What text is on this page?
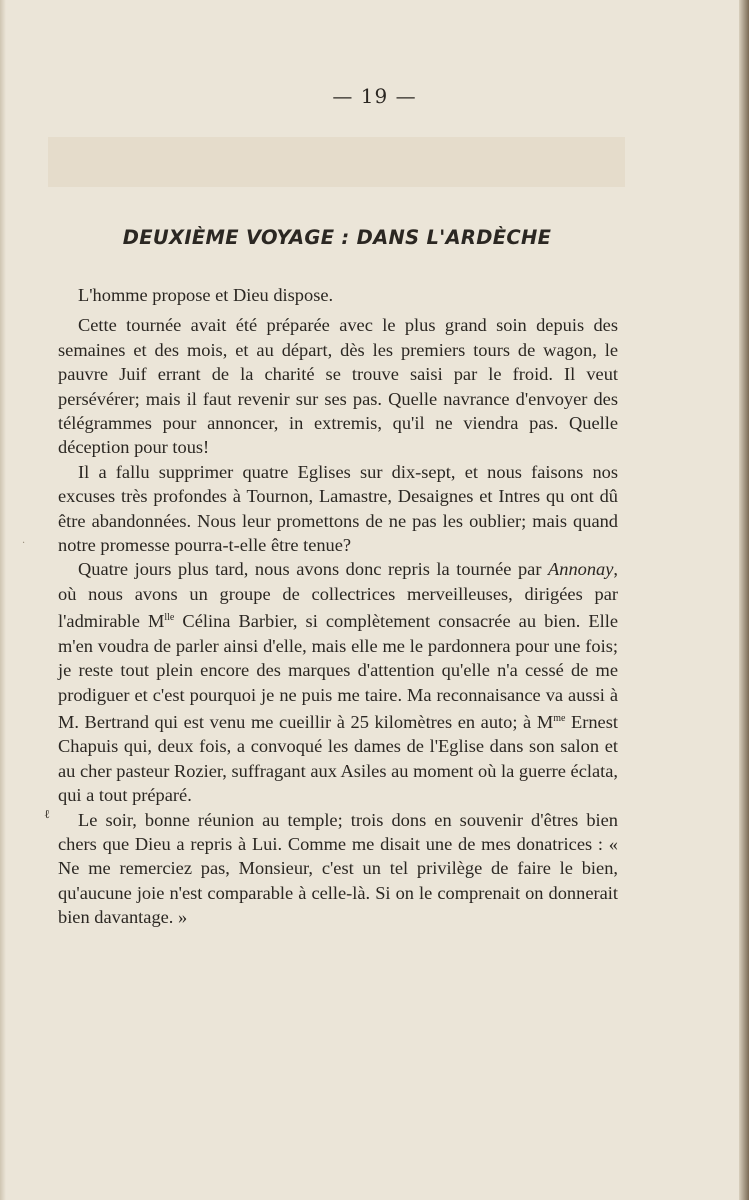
— 19 —
DEUXIÈME VOYAGE : DANS L'ARDÈCHE
·
ℓ

L'homme propose et Dieu dispose.

Cette tournée avait été préparée avec le plus grand soin depuis des semaines et des mois, et au départ, dès les premiers tours de wagon, le pauvre Juif errant de la charité se trouve saisi par le froid. Il veut persévérer; mais il faut revenir sur ses pas. Quelle navrance d'envoyer des télégrammes pour annoncer, in extremis, qu'il ne viendra pas. Quelle déception pour tous!

Il a fallu supprimer quatre Eglises sur dix-sept, et nous faisons nos excuses très profondes à Tournon, Lamastre, Desaignes et Intres qu ont dû être abandonnées. Nous leur promettons de ne pas les oublier; mais quand notre promesse pourra-t-elle être tenue?

Quatre jours plus tard, nous avons donc repris la tournée par Annonay, où nous avons un groupe de collectrices merveilleuses, dirigées par l'admirable $M^{lle}$ Célina Barbier, si complètement consacrée au bien. Elle m'en voudra de parler ainsi d'elle, mais elle me le pardonnera pour une fois; je reste tout plein encore des marques d'attention qu'elle n'a cessé de me prodiguer et c'est pourquoi je ne puis me taire. Ma reconnaisance va aussi à M. Bertrand qui est venu me cueillir à 25 kilomètres en auto; à $M^{me}$ Ernest Chapuis qui, deux fois, a convoqué les dames de l'Eglise dans son salon et au cher pasteur Rozier, suffragant aux Asiles au moment où la guerre éclata, qui a tout préparé.

Le soir, bonne réunion au temple; trois dons en souvenir d'êtres bien chers que Dieu a repris à Lui. Comme me disait une de mes donatrices : « Ne me remerciez pas, Monsieur, c'est un tel privilège de faire le bien, qu'aucune joie n'est comparable à celle-là. Si on le comprenait on donnerait bien davantage. »
